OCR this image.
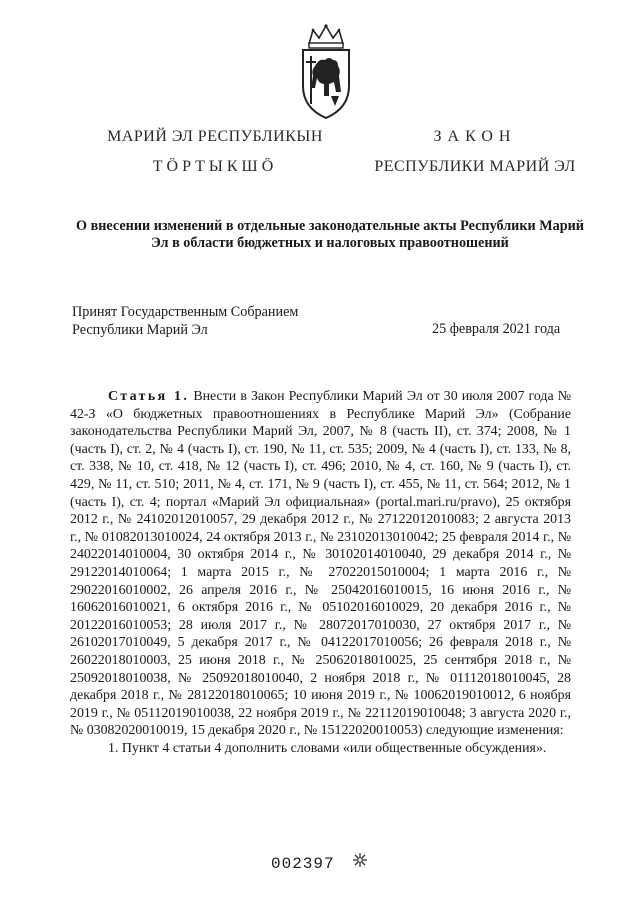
МАРИЙ ЭЛ РЕСПУБЛИКЫН
ТӦРТЫКШӦ
ЗАКОН
РЕСПУБЛИКИ МАРИЙ ЭЛ
О внесении изменений в отдельные законодательные акты Республики Марий Эл в области бюджетных и налоговых правоотношений
Принят Государственным Собранием
Республики Марий Эл	25 февраля 2021 года

Статья 1. Внести в Закон Республики Марий Эл от 30 июля 2007 года № 42-З «О бюджетных правоотношениях в Республике Марий Эл» (Собрание законодательства Республики Марий Эл, 2007, № 8 (часть II), ст. 374; 2008, № 1 (часть I), ст. 2, № 4 (часть I), ст. 190, № 11, ст. 535; 2009, № 4 (часть I), ст. 133, № 8, ст. 338, № 10, ст. 418, № 12 (часть I), ст. 496; 2010, № 4, ст. 160, № 9 (часть I), ст. 429, № 11, ст. 510; 2011, № 4, ст. 171, № 9 (часть I), ст. 455, № 11, ст. 564; 2012, № 1 (часть I), ст. 4; портал «Марий Эл официальная» (portal.mari.ru/pravo), 25 октября 2012 г., № 24102012010057, 29 декабря 2012 г., № 27122012010083; 2 августа 2013 г., № 01082013010024, 24 октября 2013 г., № 23102013010042; 25 февраля 2014 г., № 24022014010004, 30 октября 2014 г., № 30102014010040, 29 декабря 2014 г., № 29122014010064; 1 марта 2015 г., № 27022015010004; 1 марта 2016 г., № 29022016010002, 26 апреля 2016 г., № 25042016010015, 16 июня 2016 г., № 16062016010021, 6 октября 2016 г., № 05102016010029, 20 декабря 2016 г., № 20122016010053; 28 июля 2017 г., № 28072017010030, 27 октября 2017 г., № 26102017010049, 5 декабря 2017 г., № 04122017010056; 26 февраля 2018 г., № 26022018010003, 25 июня 2018 г., № 25062018010025, 25 сентября 2018 г., № 25092018010038, № 25092018010040, 2 ноября 2018 г., № 01112018010045, 28 декабря 2018 г., № 28122018010065; 10 июня 2019 г., № 10062019010012, 6 ноября 2019 г., № 05112019010038, 22 ноября 2019 г., № 22112019010048; 3 августа 2020 г., № 03082020010019, 15 декабря 2020 г., № 15122020010053) следующие изменения:

1. Пункт 4 статьи 4 дополнить словами «или общественные обсуждения».

002397
